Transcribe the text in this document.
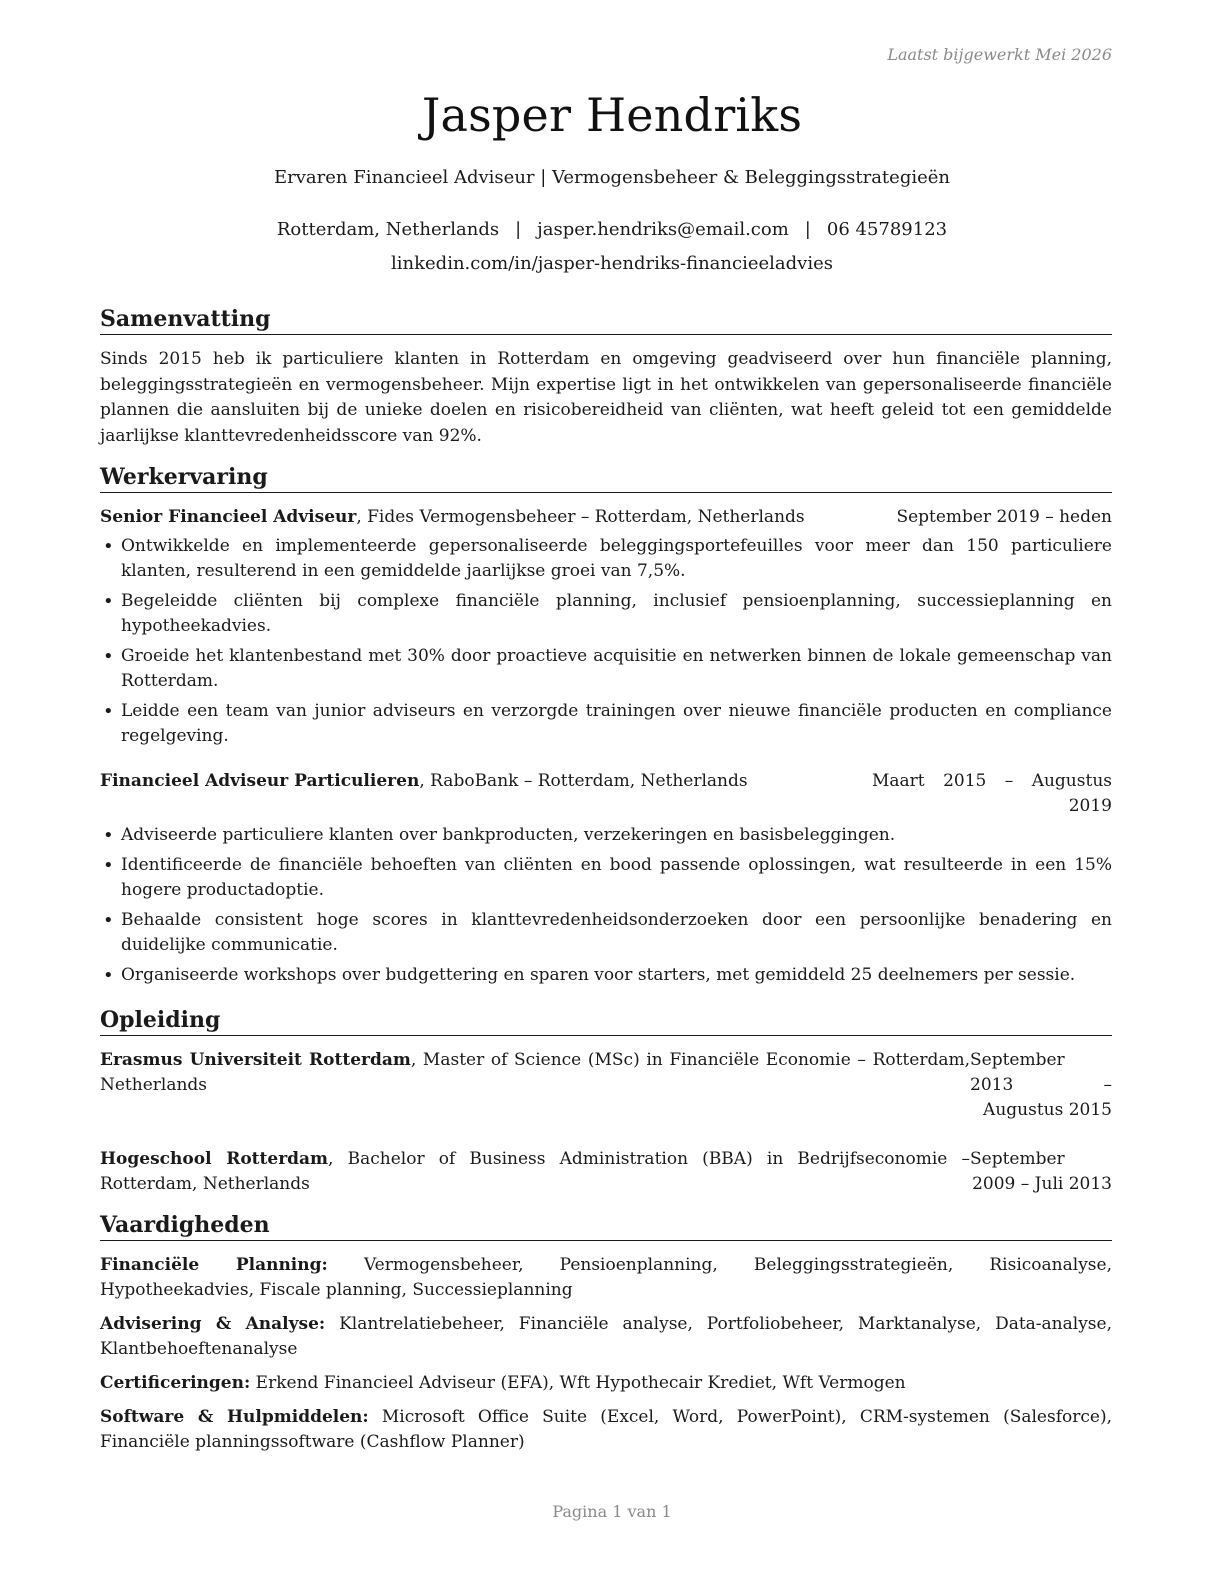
Laatst bijgewerkt Mei 2026
Jasper Hendriks
Ervaren Financieel Adviseur | Vermogensbeheer & Beleggingsstrategieën
Rotterdam, Netherlands | jasper.hendriks@email.com | 06 45789123
linkedin.com/in/jasper-hendriks-financieeladvies
Samenvatting

Sinds 2015 heb ik particuliere klanten in Rotterdam en omgeving geadviseerd over hun financiële planning, beleggingsstrategieën en vermogensbeheer. Mijn expertise ligt in het ontwikkelen van gepersonaliseerde financiële plannen die aansluiten bij de unieke doelen en risicobereidheid van cliënten, wat heeft geleid tot een gemiddelde jaarlijkse klanttevredenheidsscore van 92%.

Werkervaring
Senior Financieel Adviseur, Fides Vermogensbeheer – Rotterdam, Netherlands	September 2019 – heden
• Ontwikkelde en implementeerde gepersonaliseerde beleggingsportefeuilles voor meer dan 150 particuliere klanten, resulterend in een gemiddelde jaarlijkse groei van 7,5%.
• Begeleidde cliënten bij complexe financiële planning, inclusief pensioenplanning, successieplanning en hypotheekadvies.
• Groeide het klantenbestand met 30% door proactieve acquisitie en netwerken binnen de lokale gemeenschap van Rotterdam.
• Leidde een team van junior adviseurs en verzorgde trainingen over nieuwe financiële producten en compliance regelgeving.
Financieel Adviseur Particulieren, RaboBank – Rotterdam, Netherlands	Maart 2015 – Augustus 2019
• Adviseerde particuliere klanten over bankproducten, verzekeringen en basisbeleggingen.
• Identificeerde de financiële behoeften van cliënten en bood passende oplossingen, wat resulteerde in een 15% hogere productadoptie.
• Behaalde consistent hoge scores in klanttevredenheidsonderzoeken door een persoonlijke benadering en duidelijke communicatie.
• Organiseerde workshops over budgettering en sparen voor starters, met gemiddeld 25 deelnemers per sessie.
Opleiding
Erasmus Universiteit Rotterdam, Master of Science (MSc) in Financiële Economie – Rotterdam, Netherlands
September 2013 – Augustus 2015
Hogeschool Rotterdam, Bachelor of Business Administration (BBA) in Bedrijfseconomie – Rotterdam, Netherlands
September 2009 – Juli 2013
Vaardigheden
Financiële Planning: Vermogensbeheer, Pensioenplanning, Beleggingsstrategieën, Risicoanalyse, Hypotheekadvies, Fiscale planning, Successieplanning
Advisering & Analyse: Klantrelatiebeheer, Financiële analyse, Portfoliobeheer, Marktanalyse, Data-analyse, Klantbehoeftenanalyse
Certificeringen: Erkend Financieel Adviseur (EFA), Wft Hypothecair Krediet, Wft Vermogen
Software & Hulpmiddelen: Microsoft Office Suite (Excel, Word, PowerPoint), CRM-systemen (Salesforce), Financiële planningssoftware (Cashflow Planner)
Pagina 1 van 1
